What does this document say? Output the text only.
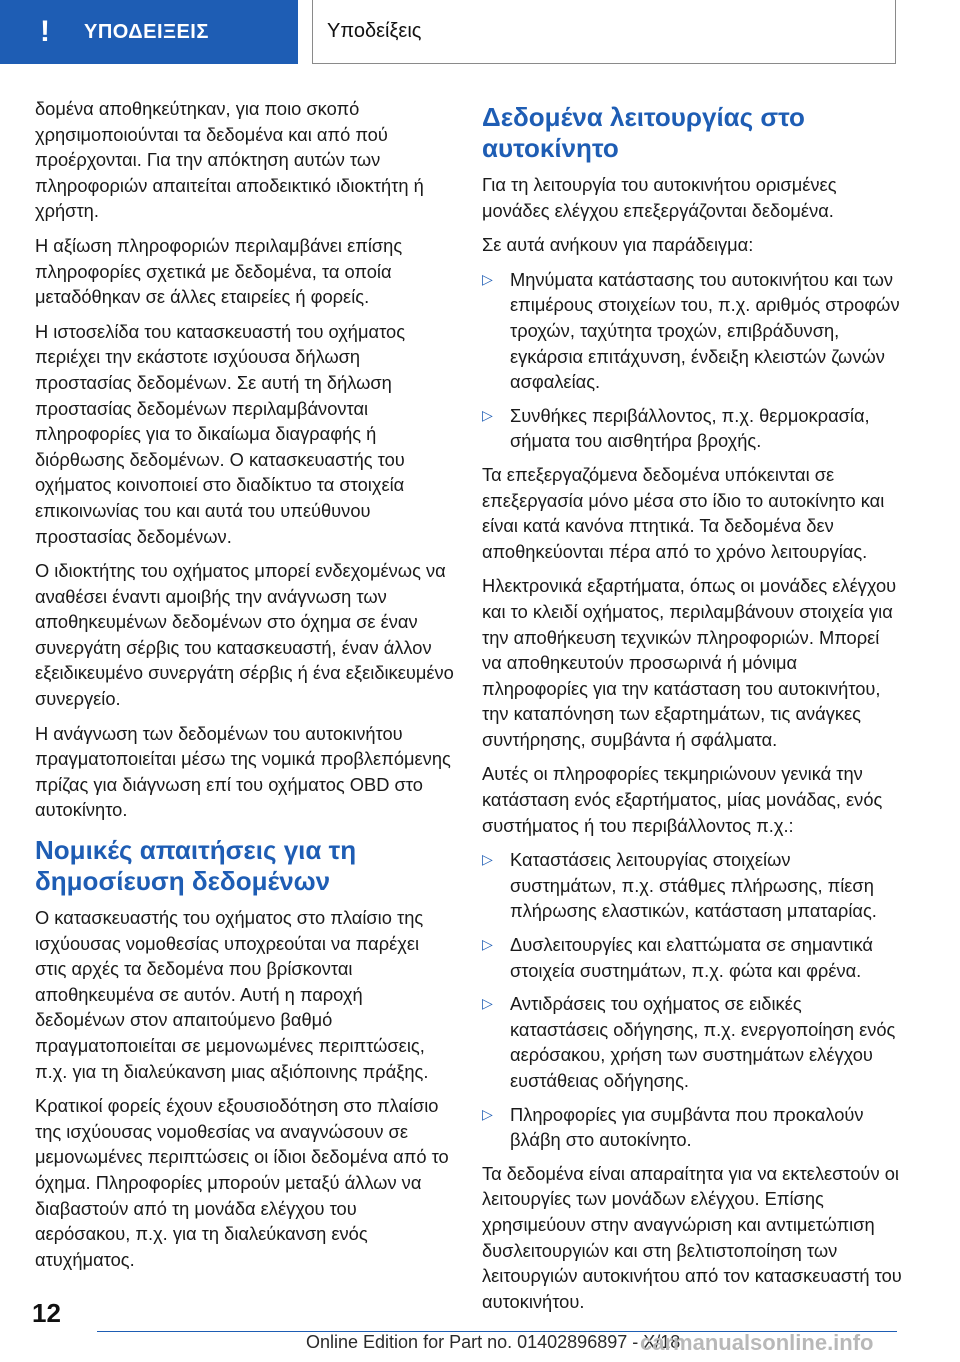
!	ΥΠΟΔΕΙΞΕΙΣ	Υποδείξεις

δομένα αποθηκεύτηκαν, για ποιο σκοπό χρησιμοποιούνται τα δεδομένα και από πού προέρχονται. Για την απόκτηση αυτών των πληροφοριών απαιτείται αποδεικτικό ιδιοκτήτη ή χρήστη.

Η αξίωση πληροφοριών περιλαμβάνει επίσης πληροφορίες σχετικά με δεδομένα, τα οποία μεταδόθηκαν σε άλλες εταιρείες ή φορείς.

Η ιστοσελίδα του κατασκευαστή του οχήματος περιέχει την εκάστοτε ισχύουσα δήλωση προστασίας δεδομένων. Σε αυτή τη δήλωση προστασίας δεδομένων περιλαμβάνονται πληροφορίες για το δικαίωμα διαγραφής ή διόρθωσης δεδομένων. Ο κατασκευαστής του οχήματος κοινοποιεί στο διαδίκτυο τα στοιχεία επικοινωνίας του και αυτά του υπεύθυνου προστασίας δεδομένων.

Ο ιδιοκτήτης του οχήματος μπορεί ενδεχομένως να αναθέσει έναντι αμοιβής την ανάγνωση των αποθηκευμένων δεδομένων στο όχημα σε έναν συνεργάτη σέρβις του κατασκευαστή, έναν άλλον εξειδικευμένο συνεργάτη σέρβις ή ένα εξειδικευμένο συνεργείο.

Η ανάγνωση των δεδομένων του αυτοκινήτου πραγματοποιείται μέσω της νομικά προβλεπόμενης πρίζας για διάγνωση επί του οχήματος OBD στο αυτοκίνητο.

Νομικές απαιτήσεις για τη δημοσίευση δεδομένων

Ο κατασκευαστής του οχήματος στο πλαίσιο της ισχύουσας νομοθεσίας υποχρεούται να παρέχει στις αρχές τα δεδομένα που βρίσκονται αποθηκευμένα σε αυτόν. Αυτή η παροχή δεδομένων στον απαιτούμενο βαθμό πραγματοποιείται σε μεμονωμένες περιπτώσεις, π.χ. για τη διαλεύκανση μιας αξιόποινης πράξης.

Κρατικοί φορείς έχουν εξουσιοδότηση στο πλαίσιο της ισχύουσας νομοθεσίας να αναγνώσουν σε μεμονωμένες περιπτώσεις οι ίδιοι δεδομένα από το όχημα. Πληροφορίες μπορούν μεταξύ άλλων να διαβαστούν από τη μονάδα ελέγχου του αερόσακου, π.χ. για τη διαλεύκανση ενός ατυχήματος.

Δεδομένα λειτουργίας στο αυτοκίνητο

Για τη λειτουργία του αυτοκινήτου ορισμένες μονάδες ελέγχου επεξεργάζονται δεδομένα.

Σε αυτά ανήκουν για παράδειγμα:

▷ Μηνύματα κατάστασης του αυτοκινήτου και των επιμέρους στοιχείων του, π.χ. αριθμός στροφών τροχών, ταχύτητα τροχών, επιβράδυνση, εγκάρσια επιτάχυνση, ένδειξη κλειστών ζωνών ασφαλείας.
▷ Συνθήκες περιβάλλοντος, π.χ. θερμοκρασία, σήματα του αισθητήρα βροχής.

Τα επεξεργαζόμενα δεδομένα υπόκεινται σε επεξεργασία μόνο μέσα στο ίδιο το αυτοκίνητο και είναι κατά κανόνα πτητικά. Τα δεδομένα δεν αποθηκεύονται πέρα από το χρόνο λειτουργίας.

Ηλεκτρονικά εξαρτήματα, όπως οι μονάδες ελέγχου και το κλειδί οχήματος, περιλαμβάνουν στοιχεία για την αποθήκευση τεχνικών πληροφοριών. Μπορεί να αποθηκευτούν προσωρινά ή μόνιμα πληροφορίες για την κατάσταση του αυτοκινήτου, την καταπόνηση των εξαρτημάτων, τις ανάγκες συντήρησης, συμβάντα ή σφάλματα.

Αυτές οι πληροφορίες τεκμηριώνουν γενικά την κατάσταση ενός εξαρτήματος, μίας μονάδας, ενός συστήματος ή του περιβάλλοντος π.χ.:

▷ Καταστάσεις λειτουργίας στοιχείων συστημάτων, π.χ. στάθμες πλήρωσης, πίεση πλήρωσης ελαστικών, κατάσταση μπαταρίας.
▷ Δυσλειτουργίες και ελαττώματα σε σημαντικά στοιχεία συστημάτων, π.χ. φώτα και φρένα.
▷ Αντιδράσεις του οχήματος σε ειδικές καταστάσεις οδήγησης, π.χ. ενεργοποίηση ενός αερόσακου, χρήση των συστημάτων ελέγχου ευστάθειας οδήγησης.
▷ Πληροφορίες για συμβάντα που προκαλούν βλάβη στο αυτοκίνητο.

Τα δεδομένα είναι απαραίτητα για να εκτελεστούν οι λειτουργίες των μονάδων ελέγχου. Επίσης χρησιμεύουν στην αναγνώριση και αντιμετώπιση δυσλειτουργιών και στη βελτιστοποίηση των λειτουργιών αυτοκινήτου από τον κατασκευαστή του αυτοκινήτου.

12
Online Edition for Part no. 01402896897 - X/18
carmanualsonline.info
